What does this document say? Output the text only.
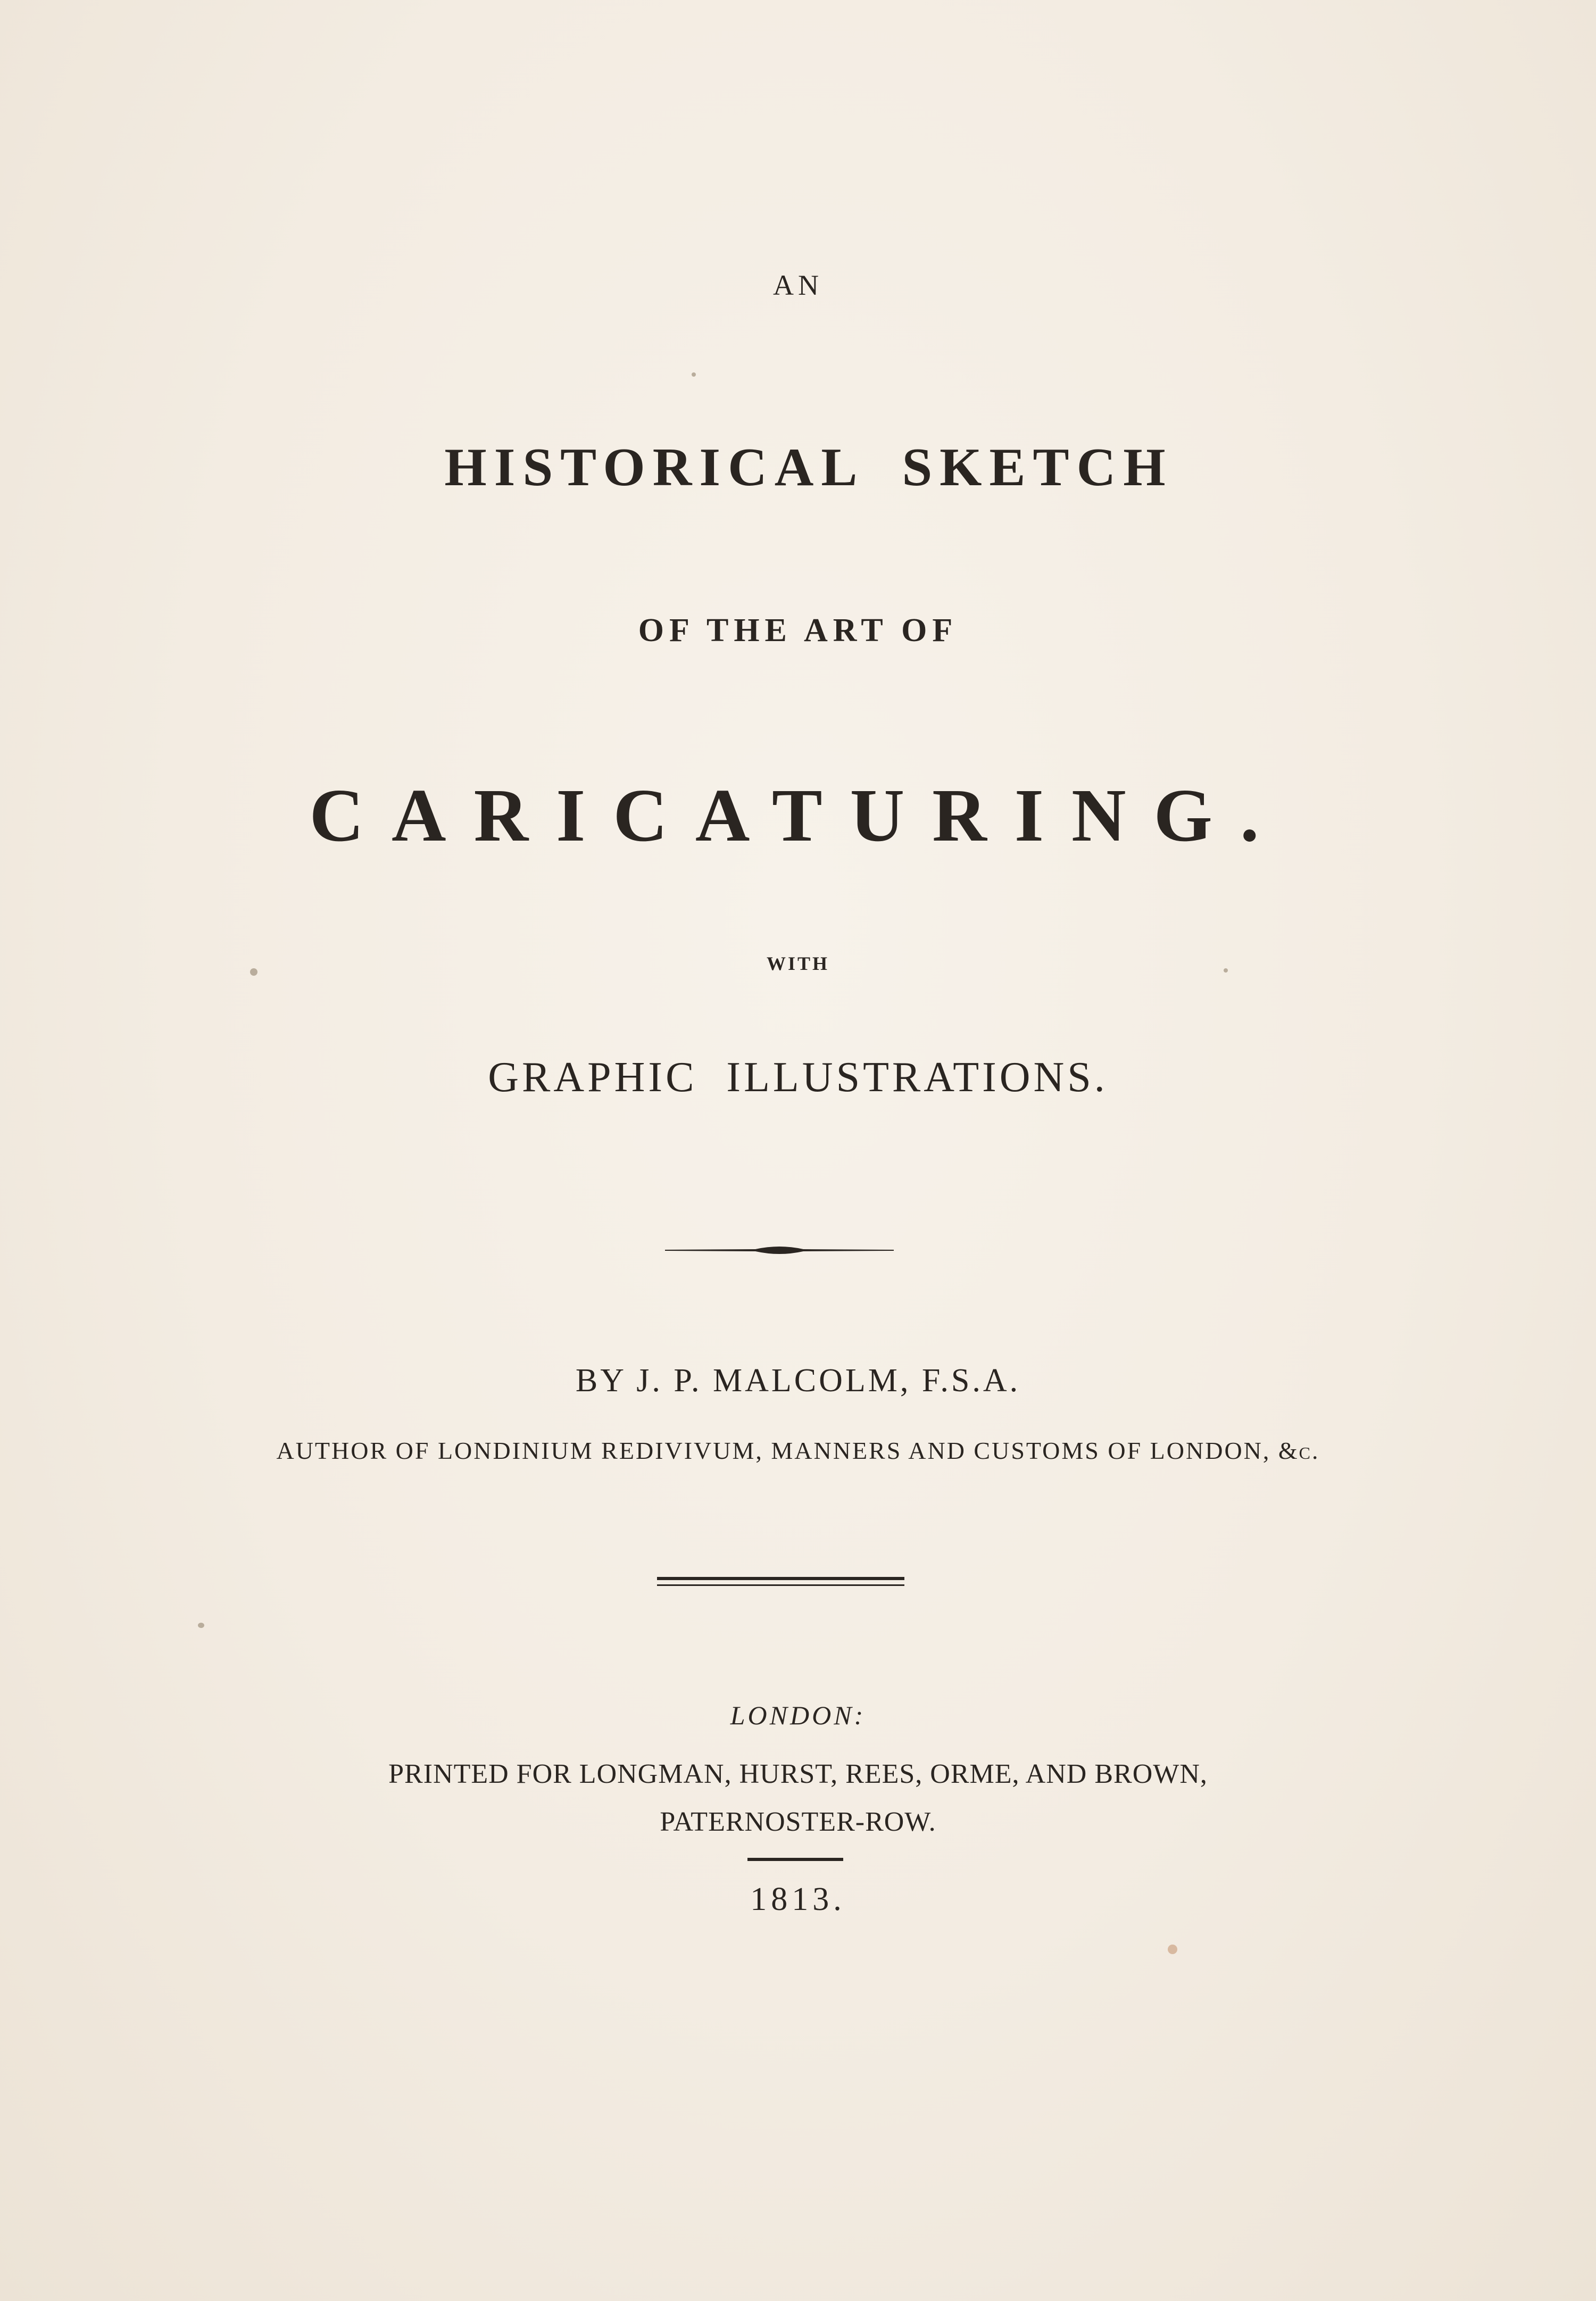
AN
HISTORICAL SKETCH
OF THE ART OF
CARICATURING.
WITH
GRAPHIC ILLUSTRATIONS.
BY J. P. MALCOLM, F.S.A.
AUTHOR OF LONDINIUM REDIVIVUM, MANNERS AND CUSTOMS OF LONDON, &c.
LONDON:
PRINTED FOR LONGMAN, HURST, REES, ORME, AND BROWN,
PATERNOSTER-ROW.
1813.
